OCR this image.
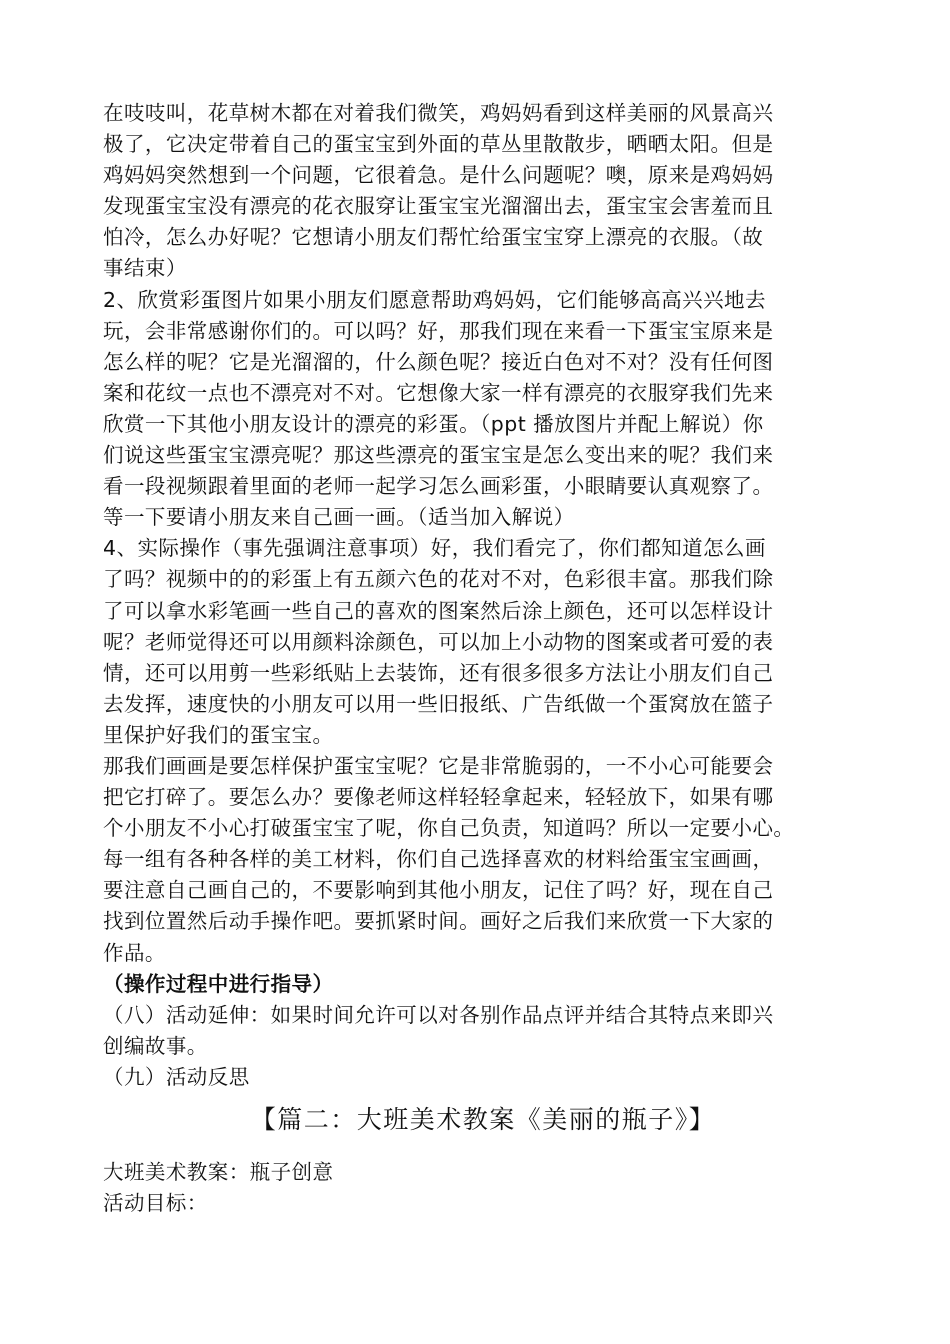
在吱吱叫，花草树木都在对着我们微笑，鸡妈妈看到这样美丽的风景高兴
极了，它决定带着自己的蛋宝宝到外面的草丛里散散步，晒晒太阳。但是
鸡妈妈突然想到一个问题，它很着急。是什么问题呢？噢，原来是鸡妈妈
发现蛋宝宝没有漂亮的花衣服穿让蛋宝宝光溜溜出去，蛋宝宝会害羞而且
怕冷，怎么办好呢？它想请小朋友们帮忙给蛋宝宝穿上漂亮的衣服。（故
事结束）
2、欣赏彩蛋图片如果小朋友们愿意帮助鸡妈妈，它们能够高高兴兴地去
玩，会非常感谢你们的。可以吗？好，那我们现在来看一下蛋宝宝原来是
怎么样的呢？它是光溜溜的，什么颜色呢？接近白色对不对？没有任何图
案和花纹一点也不漂亮对不对。它想像大家一样有漂亮的衣服穿我们先来
欣赏一下其他小朋友设计的漂亮的彩蛋。（ppt 播放图片并配上解说）你
们说这些蛋宝宝漂亮呢？那这些漂亮的蛋宝宝是怎么变出来的呢？我们来
看一段视频跟着里面的老师一起学习怎么画彩蛋，小眼睛要认真观察了。
等一下要请小朋友来自己画一画。（适当加入解说）
4、实际操作（事先强调注意事项）好，我们看完了，你们都知道怎么画
了吗？视频中的的彩蛋上有五颜六色的花对不对，色彩很丰富。那我们除
了可以拿水彩笔画一些自己的喜欢的图案然后涂上颜色，还可以怎样设计
呢？老师觉得还可以用颜料涂颜色，可以加上小动物的图案或者可爱的表
情，还可以用剪一些彩纸贴上去装饰，还有很多很多方法让小朋友们自己
去发挥，速度快的小朋友可以用一些旧报纸、广告纸做一个蛋窝放在篮子
里保护好我们的蛋宝宝。
那我们画画是要怎样保护蛋宝宝呢？它是非常脆弱的，一不小心可能要会
把它打碎了。要怎么办？要像老师这样轻轻拿起来，轻轻放下，如果有哪
个小朋友不小心打破蛋宝宝了呢，你自己负责，知道吗？所以一定要小心。
每一组有各种各样的美工材料，你们自己选择喜欢的材料给蛋宝宝画画，
要注意自己画自己的，不要影响到其他小朋友，记住了吗？好，现在自己
找到位置然后动手操作吧。要抓紧时间。画好之后我们来欣赏一下大家的
作品。
（操作过程中进行指导）
（八）活动延伸：如果时间允许可以对各别作品点评并结合其特点来即兴
创编故事。
（九）活动反思
【篇二：大班美术教案《美丽的瓶子》】
大班美术教案：瓶子创意
活动目标：
